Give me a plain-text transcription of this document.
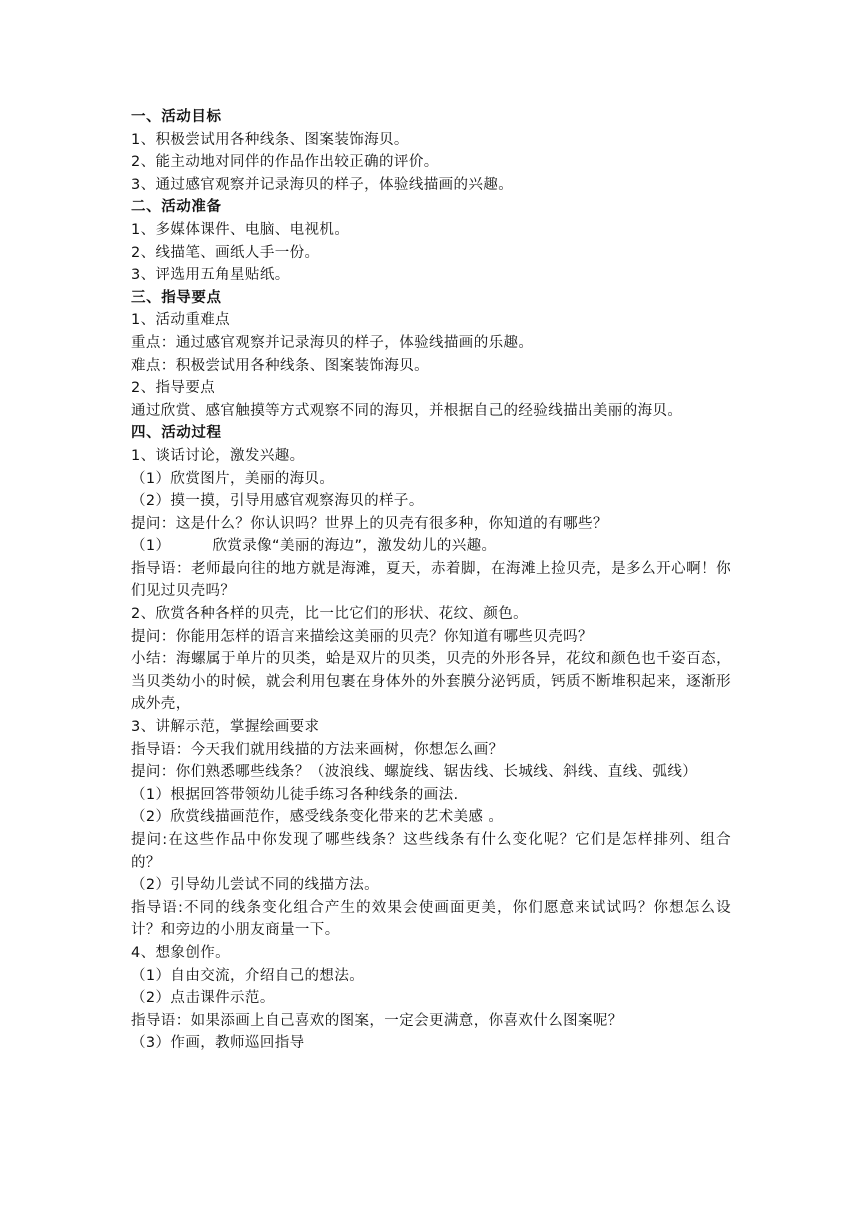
一、活动目标
1、积极尝试用各种线条、图案装饰海贝。
2、能主动地对同伴的作品作出较正确的评价。
3、通过感官观察并记录海贝的样子，体验线描画的兴趣。
二、活动准备
1、多媒体课件、电脑、电视机。
2、线描笔、画纸人手一份。
3、评选用五角星贴纸。
三、指导要点
1、活动重难点
重点：通过感官观察并记录海贝的样子，体验线描画的乐趣。
难点：积极尝试用各种线条、图案装饰海贝。
2、指导要点
通过欣赏、感官触摸等方式观察不同的海贝，并根据自己的经验线描出美丽的海贝。
四、活动过程
1、谈话讨论，激发兴趣。
（1）欣赏图片，美丽的海贝。
（2）摸一摸，引导用感官观察海贝的样子。
提问：这是什么？你认识吗？世界上的贝壳有很多种，你知道的有哪些？
（1）	欣赏录像“美丽的海边”，激发幼儿的兴趣。
指导语：老师最向往的地方就是海滩，夏天，赤着脚，在海滩上捡贝壳，是多么开心啊！你们见过贝壳吗？
2、欣赏各种各样的贝壳，比一比它们的形状、花纹、颜色。
提问：你能用怎样的语言来描绘这美丽的贝壳？你知道有哪些贝壳吗？
小结：海螺属于单片的贝类，蛤是双片的贝类，贝壳的外形各异，花纹和颜色也千姿百态，当贝类幼小的时候，就会利用包裹在身体外的外套膜分泌钙质，钙质不断堆积起来，逐渐形成外壳，
3、讲解示范，掌握绘画要求
指导语：今天我们就用线描的方法来画树，你想怎么画？
提问：你们熟悉哪些线条？（波浪线、螺旋线、锯齿线、长城线、斜线、直线、弧线）
（1）根据回答带领幼儿徒手练习各种线条的画法.
（2）欣赏线描画范作，感受线条变化带来的艺术美感 。
提问:在这些作品中你发现了哪些线条？这些线条有什么变化呢？它们是怎样排列、组合的？
（2）引导幼儿尝试不同的线描方法。
指导语:不同的线条变化组合产生的效果会使画面更美，你们愿意来试试吗？你想怎么设计？和旁边的小朋友商量一下。
4、想象创作。
（1）自由交流，介绍自己的想法。
（2）点击课件示范。
指导语：如果添画上自己喜欢的图案，一定会更满意，你喜欢什么图案呢？
（3）作画，教师巡回指导
